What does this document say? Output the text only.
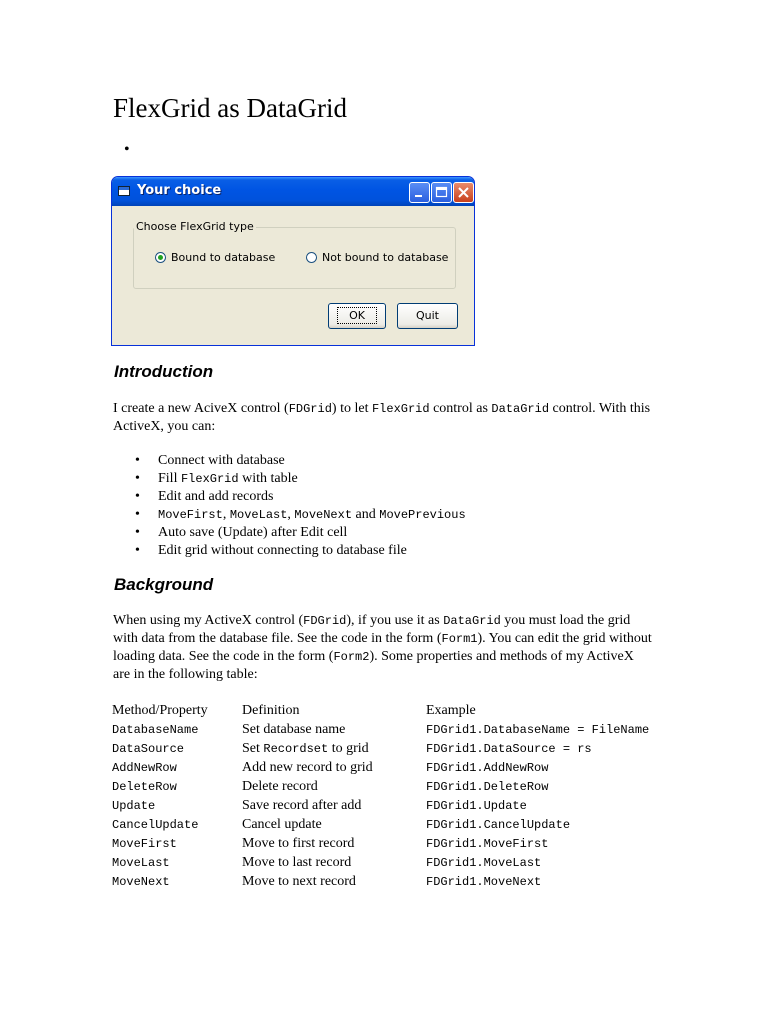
FlexGrid as DataGrid
•
Your choice
Choose FlexGrid type
Bound to database	Not bound to database
OK	Quit
Introduction

I create a new AciveX control (FDGrid) to let FlexGrid control as DataGrid control. With this ActiveX, you can:

• Connect with database
• Fill FlexGrid with table
• Edit and add records
• MoveFirst, MoveLast, MoveNext and MovePrevious
• Auto save (Update) after Edit cell
• Edit grid without connecting to database file
Background

When using my ActiveX control (FDGrid), if you use it as DataGrid you must load the grid with data from the database file. See the code in the form (Form1). You can edit the grid without loading data. See the code in the form (Form2). Some properties and methods of my ActiveX are in the following table:

Method/Property	Definition	Example
DatabaseName	Set database name	FDGrid1.DatabaseName = FileName
DataSource	Set Recordset to grid	FDGrid1.DataSource = rs
AddNewRow	Add new record to grid	FDGrid1.AddNewRow
DeleteRow	Delete record	FDGrid1.DeleteRow
Update	Save record after add	FDGrid1.Update
CancelUpdate	Cancel update	FDGrid1.CancelUpdate
MoveFirst	Move to first record	FDGrid1.MoveFirst
MoveLast	Move to last record	FDGrid1.MoveLast
MoveNext	Move to next record	FDGrid1.MoveNext
